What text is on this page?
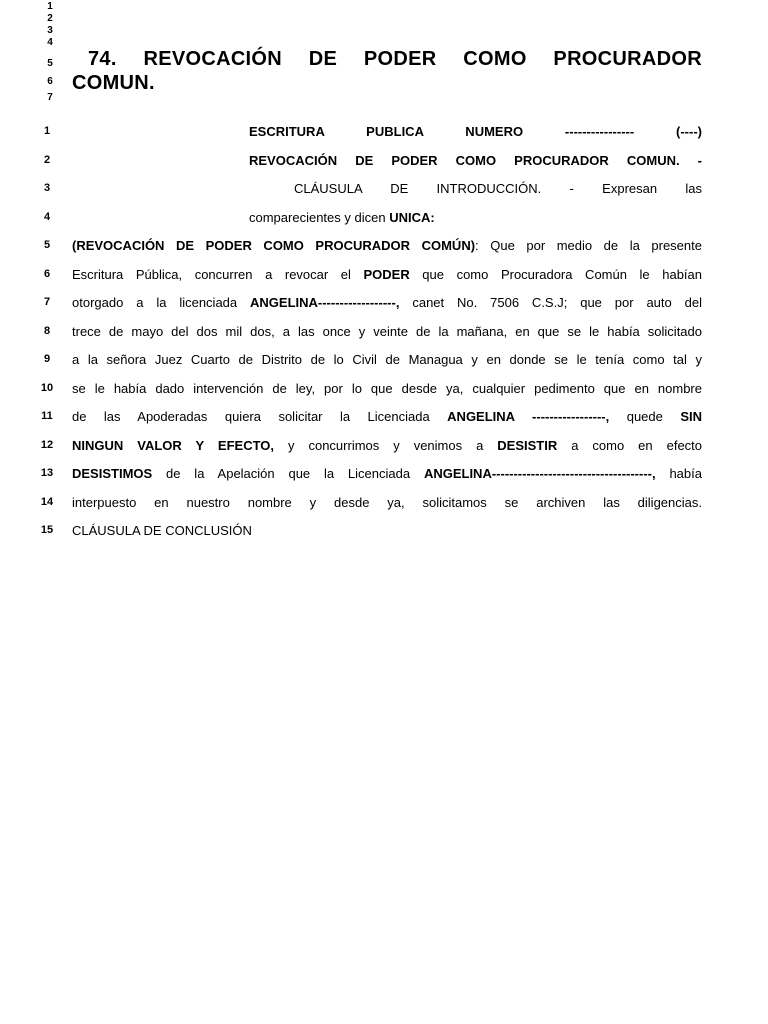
1
2
3
4
5
6
7
74. REVOCACIÓN DE PODER COMO PROCURADOR
COMUN.
1
2
3
4
5
6
7
8
9
10
11
12
13
14
15
ESCRITURA PUBLICA NUMERO ---------------- (----)
REVOCACIÓN DE PODER COMO PROCURADOR COMUN. -
CLÁUSULA DE INTRODUCCIÓN. - Expresan las
comparecientes y dicen UNICA:
(REVOCACIÓN DE PODER COMO PROCURADOR COMÚN): Que por medio de la presente
Escritura Pública, concurren a revocar el PODER que como Procuradora Común le habían
otorgado a la licenciada ANGELINA------------------, canet No. 7506 C.S.J; que por auto del
trece de mayo del dos mil dos, a las once y veinte de la mañana, en que se le había solicitado
a la señora Juez Cuarto de Distrito de lo Civil de Managua y en donde se le tenía como tal y
se le había dado intervención de ley, por lo que desde ya, cualquier pedimento que en nombre
de las Apoderadas quiera solicitar la Licenciada ANGELINA -----------------, quede SIN
NINGUN VALOR Y EFECTO, y concurrimos y venimos a DESISTIR a como en efecto
DESISTIMOS de la Apelación que la Licenciada ANGELINA-------------------------------------, había
interpuesto en nuestro nombre y desde ya, solicitamos se archiven las diligencias.
CLÁUSULA DE CONCLUSIÓN
